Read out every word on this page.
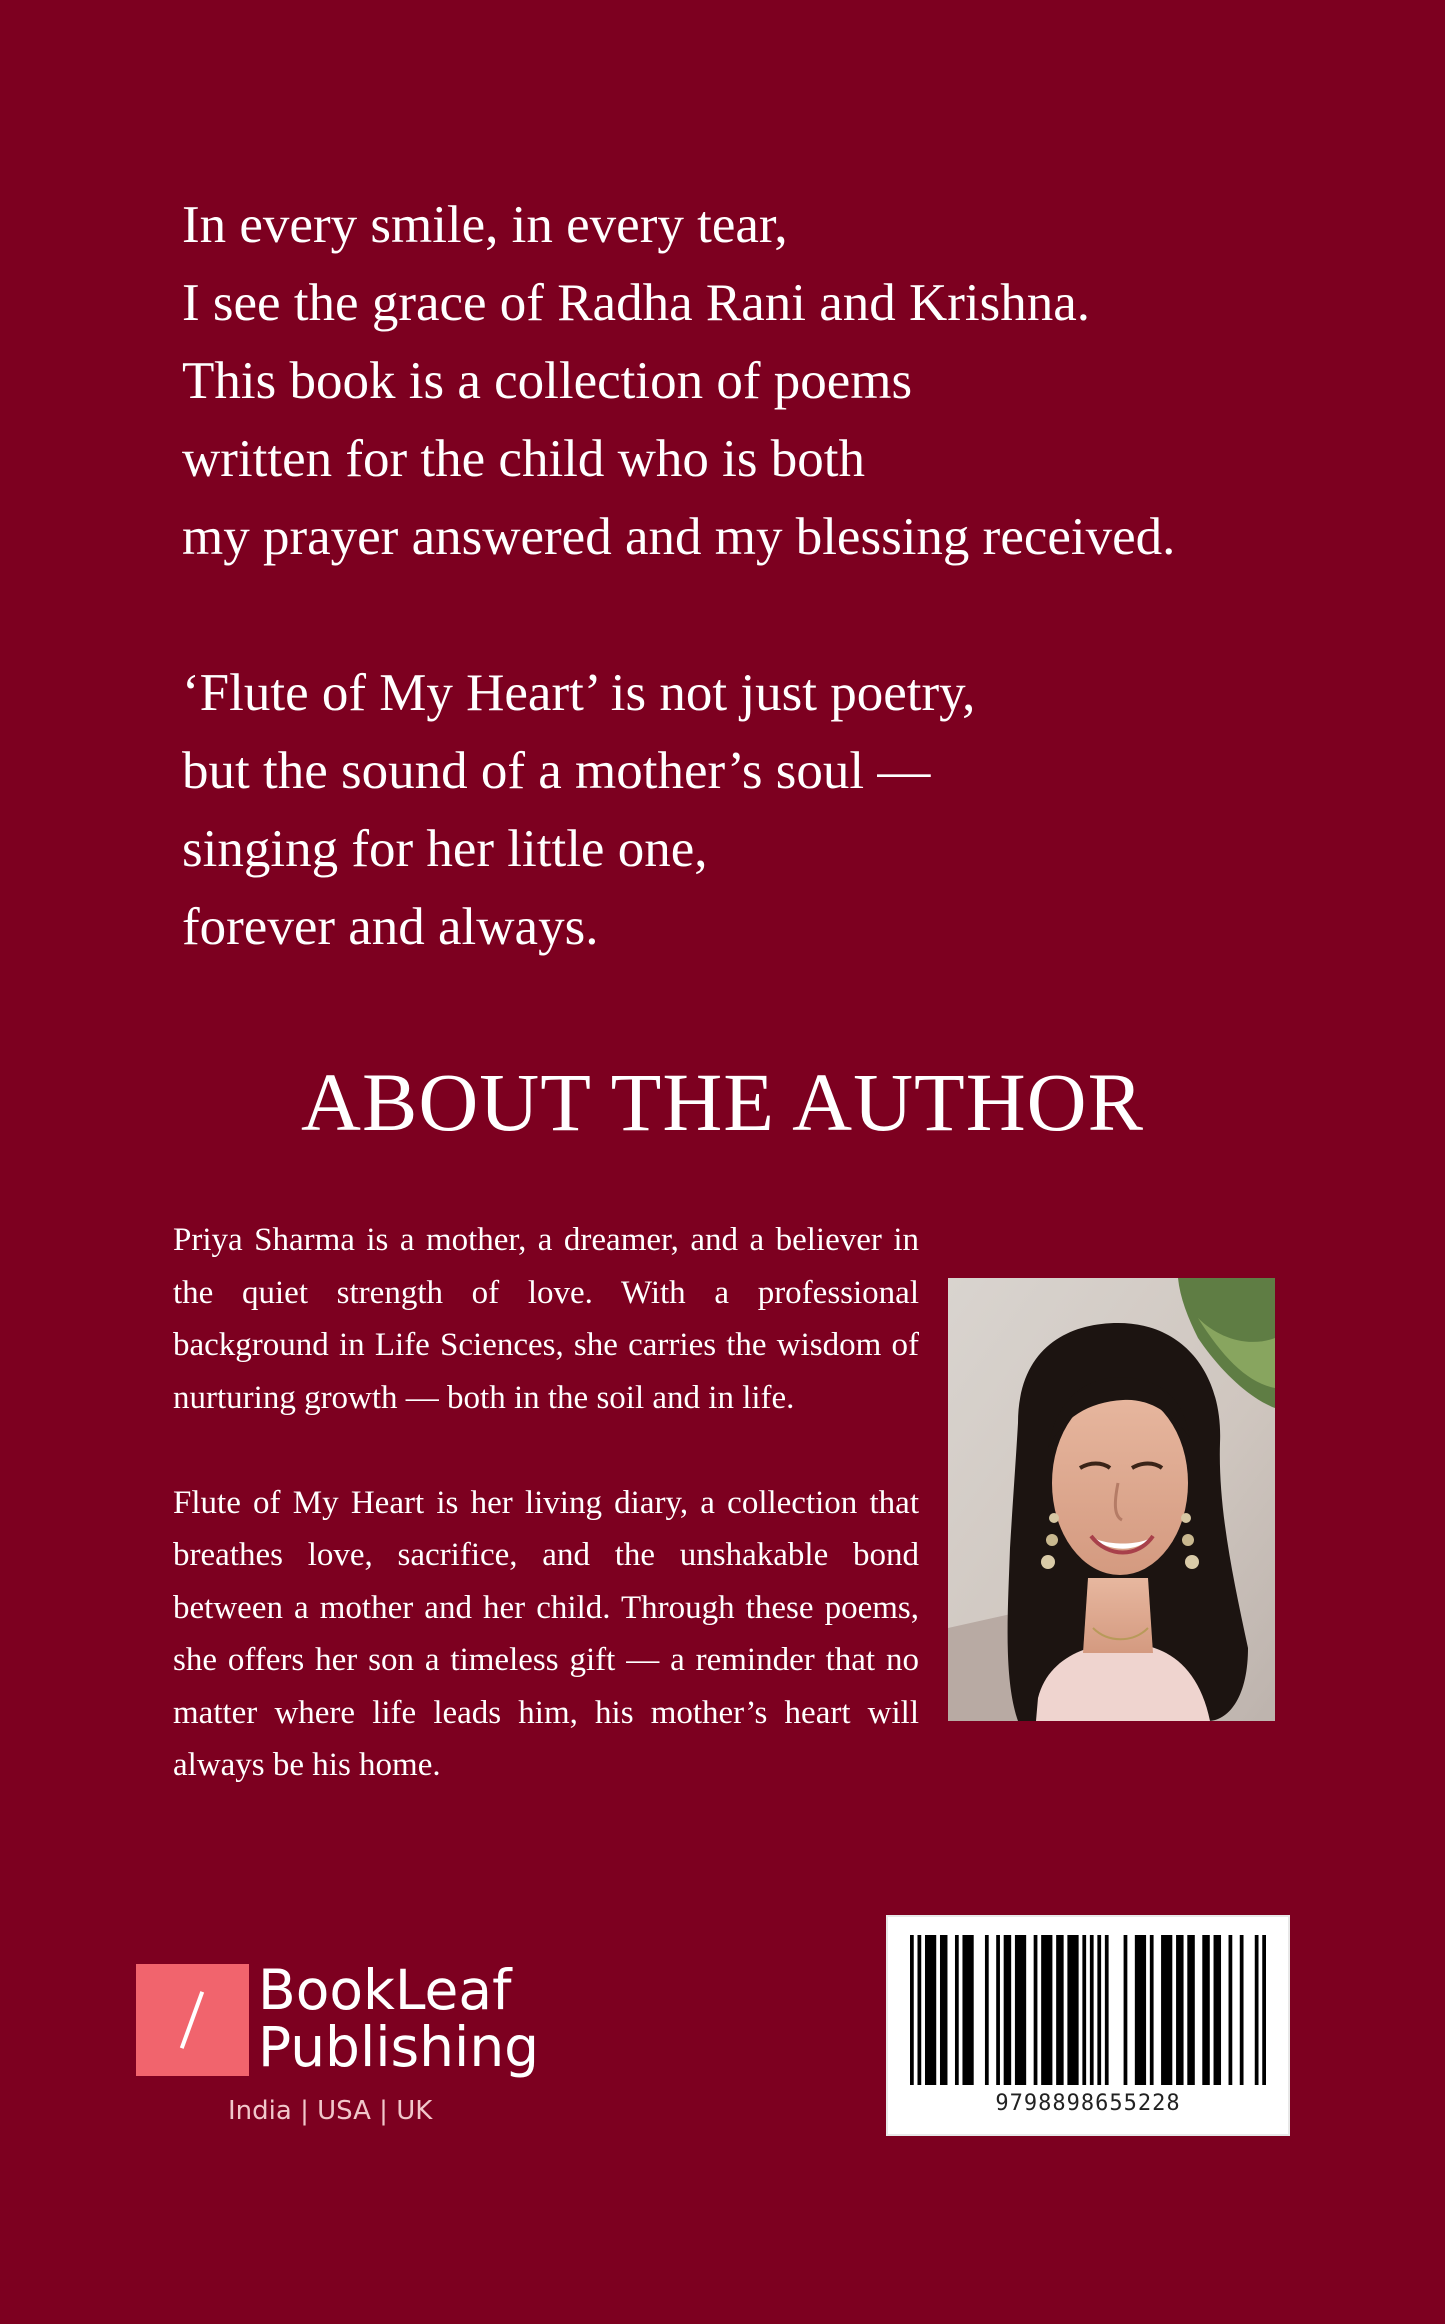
In every smile, in every tear,
I see the grace of Radha Rani and Krishna.
This book is a collection of poems
written for the child who is both
my prayer answered and my blessing received.
‘Flute of My Heart’ is not just poetry,
but the sound of a mother’s soul —
singing for her little one,
forever and always.
ABOUT THE AUTHOR

Priya Sharma is a mother, a dreamer, and a believer in the quiet strength of love. With a professional background in Life Sciences, she carries the wisdom of nurturing growth — both in the soil and in life.

Flute of My Heart is her living diary, a collection that breathes love, sacrifice, and the unshakable bond between a mother and her child. Through these poems, she offers her son a timeless gift — a reminder that no matter where life leads him, his mother’s heart will always be his home.

BookLeaf
Publishing
India | USA | UK	9798898655228
